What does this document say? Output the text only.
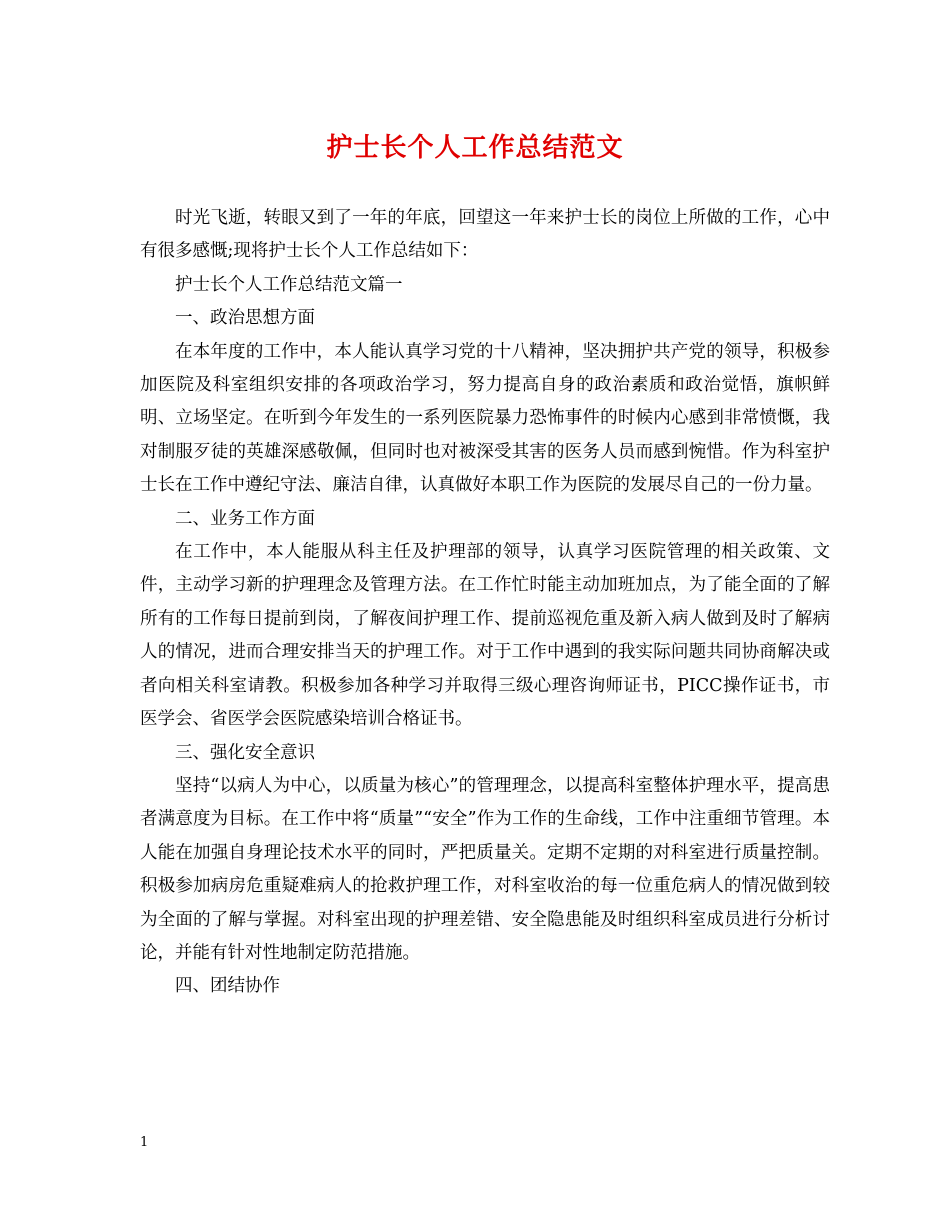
护士长个人工作总结范文

时光飞逝，转眼又到了一年的年底，回望这一年来护士长的岗位上所做的工作，心中有很多感慨;现将护士长个人工作总结如下：

护士长个人工作总结范文篇一

一、政治思想方面

在本年度的工作中，本人能认真学习党的十八精神，坚决拥护共产党的领导，积极参加医院及科室组织安排的各项政治学习，努力提高自身的政治素质和政治觉悟，旗帜鲜明、立场坚定。在听到今年发生的一系列医院暴力恐怖事件的时候内心感到非常愤慨，我对制服歹徒的英雄深感敬佩，但同时也对被深受其害的医务人员而感到惋惜。作为科室护士长在工作中遵纪守法、廉洁自律，认真做好本职工作为医院的发展尽自己的一份力量。

二、业务工作方面

在工作中，本人能服从科主任及护理部的领导，认真学习医院管理的相关政策、文件，主动学习新的护理理念及管理方法。在工作忙时能主动加班加点，为了能全面的了解所有的工作每日提前到岗，了解夜间护理工作、提前巡视危重及新入病人做到及时了解病人的情况，进而合理安排当天的护理工作。对于工作中遇到的我实际问题共同协商解决或者向相关科室请教。积极参加各种学习并取得三级心理咨询师证书，PICC操作证书，市医学会、省医学会医院感染培训合格证书。

三、强化安全意识

坚持“以病人为中心，以质量为核心”的管理理念，以提高科室整体护理水平，提高患者满意度为目标。在工作中将“质量”“安全”作为工作的生命线，工作中注重细节管理。本人能在加强自身理论技术水平的同时，严把质量关。定期不定期的对科室进行质量控制。积极参加病房危重疑难病人的抢救护理工作，对科室收治的每一位重危病人的情况做到较为全面的了解与掌握。对科室出现的护理差错、安全隐患能及时组织科室成员进行分析讨论，并能有针对性地制定防范措施。

四、团结协作

1
